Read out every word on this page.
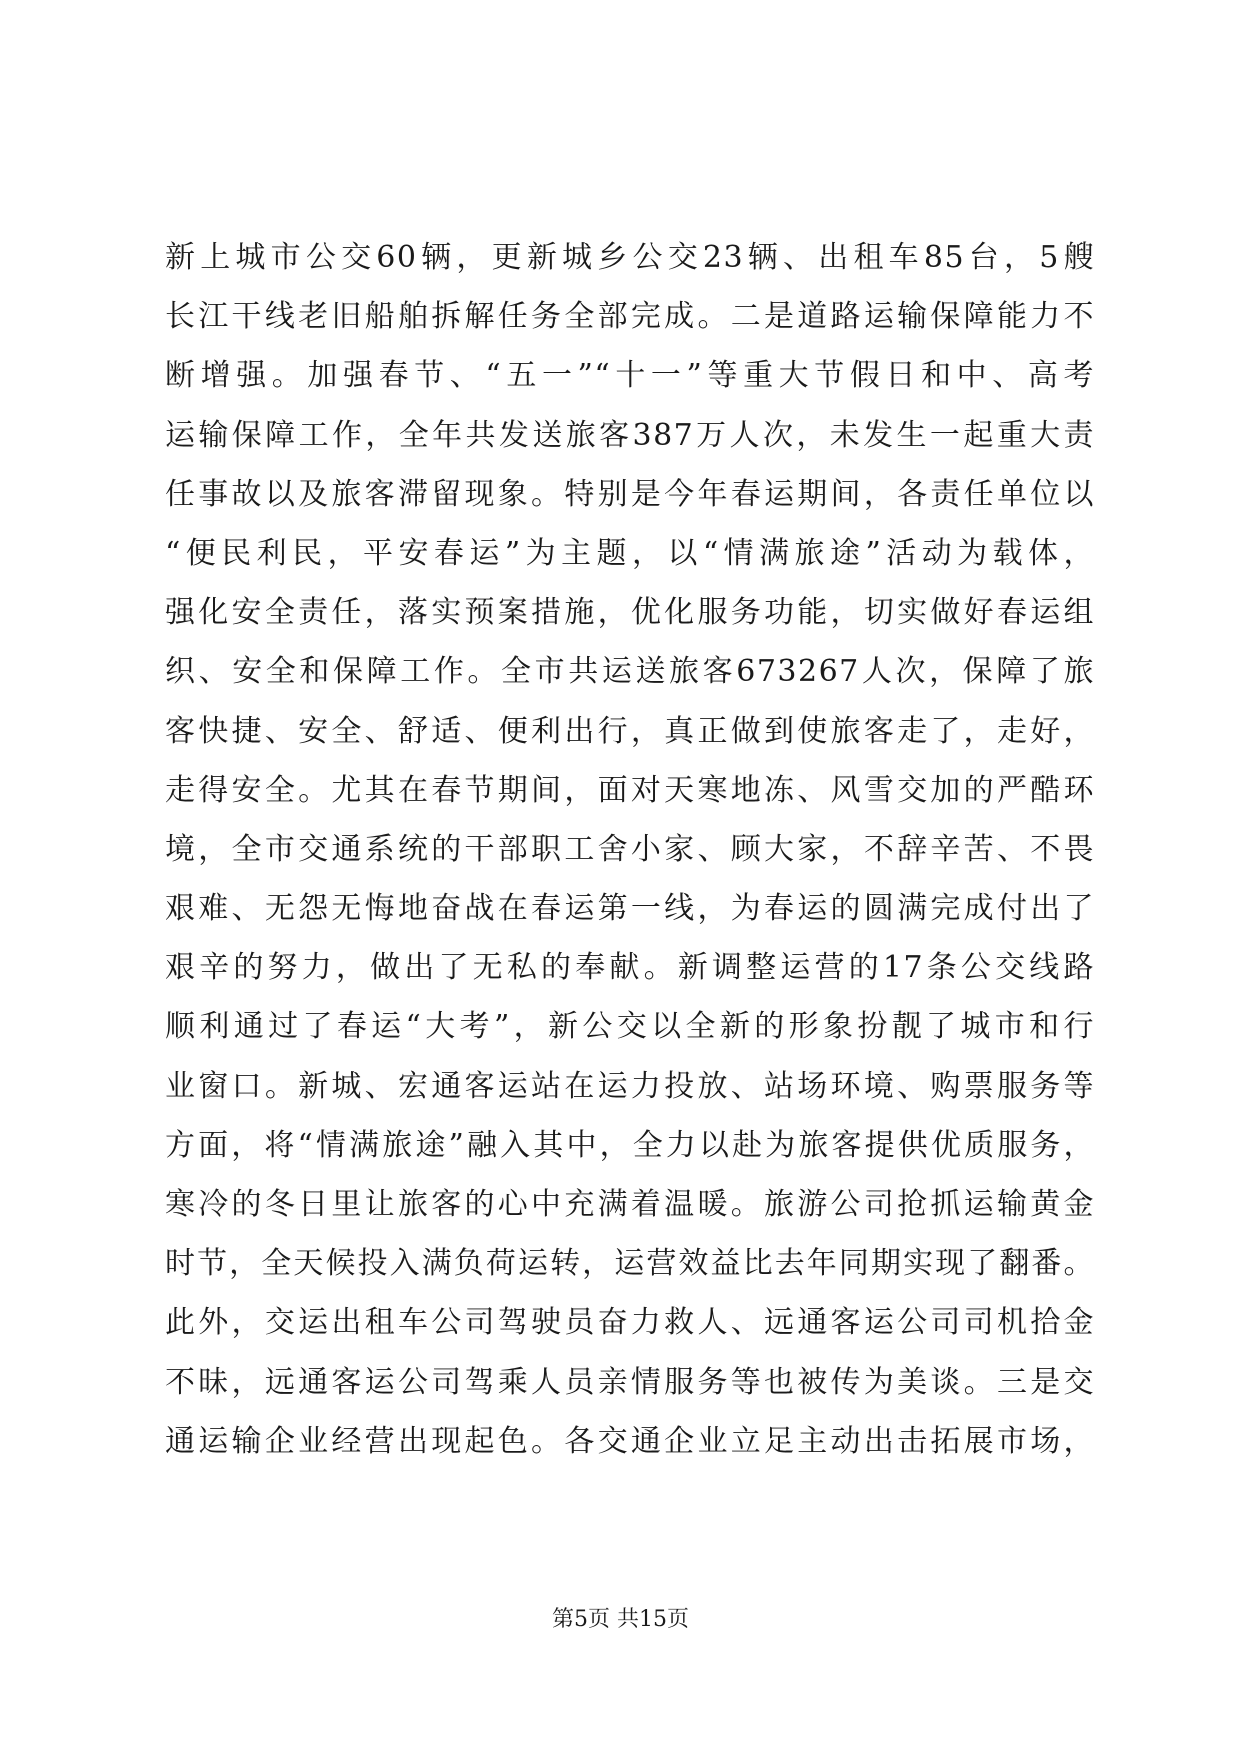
新上城市公交60辆，更新城乡公交23辆、出租车85台，5艘
长江干线老旧船舶拆解任务全部完成。二是道路运输保障能力不
断增强。加强春节、“五一”“十一”等重大节假日和中、高考
运输保障工作，全年共发送旅客387万人次，未发生一起重大责
任事故以及旅客滞留现象。特别是今年春运期间，各责任单位以
“便民利民，平安春运”为主题，以“情满旅途”活动为载体，
强化安全责任，落实预案措施，优化服务功能，切实做好春运组
织、安全和保障工作。全市共运送旅客673267人次，保障了旅
客快捷、安全、舒适、便利出行，真正做到使旅客走了，走好，
走得安全。尤其在春节期间，面对天寒地冻、风雪交加的严酷环
境，全市交通系统的干部职工舍小家、顾大家，不辞辛苦、不畏
艰难、无怨无悔地奋战在春运第一线，为春运的圆满完成付出了
艰辛的努力，做出了无私的奉献。新调整运营的17条公交线路
顺利通过了春运“大考”，新公交以全新的形象扮靓了城市和行
业窗口。新城、宏通客运站在运力投放、站场环境、购票服务等
方面，将“情满旅途”融入其中，全力以赴为旅客提供优质服务，
寒冷的冬日里让旅客的心中充满着温暖。旅游公司抢抓运输黄金
时节，全天候投入满负荷运转，运营效益比去年同期实现了翻番。
此外，交运出租车公司驾驶员奋力救人、远通客运公司司机拾金
不昧，远通客运公司驾乘人员亲情服务等也被传为美谈。三是交
通运输企业经营出现起色。各交通企业立足主动出击拓展市场，
第5页 共15页
